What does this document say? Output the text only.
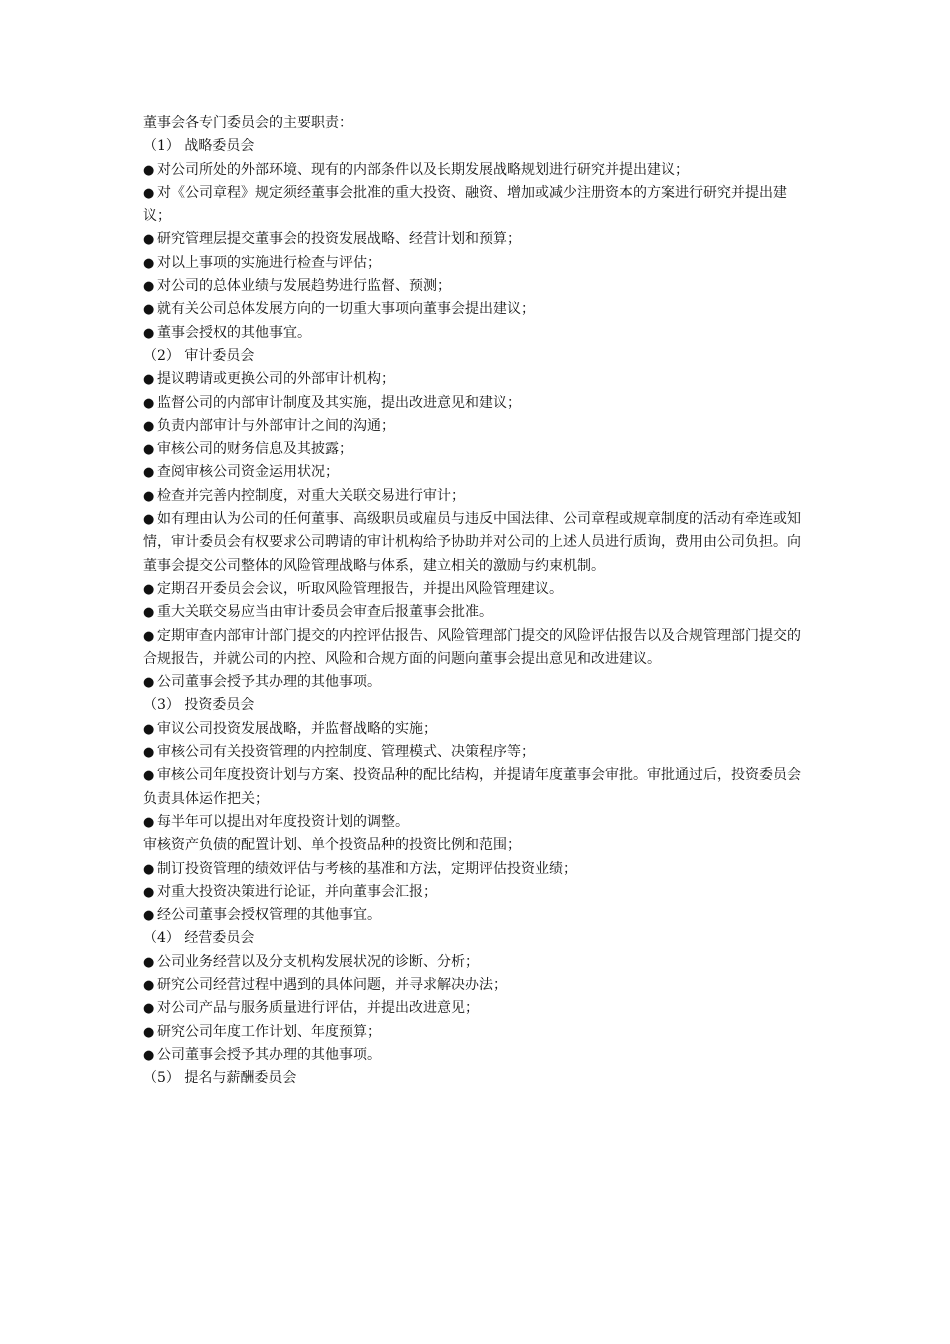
董事会各专门委员会的主要职责：

（1） 战略委员会

● 对公司所处的外部环境、现有的内部条件以及长期发展战略规划进行研究并提出建议；

● 对《公司章程》规定须经董事会批准的重大投资、融资、增加或减少注册资本的方案进行研究并提出建议；

● 研究管理层提交董事会的投资发展战略、经营计划和预算；

● 对以上事项的实施进行检查与评估；

● 对公司的总体业绩与发展趋势进行监督、预测；

● 就有关公司总体发展方向的一切重大事项向董事会提出建议；

● 董事会授权的其他事宜。

（2） 审计委员会

● 提议聘请或更换公司的外部审计机构；

● 监督公司的内部审计制度及其实施，提出改进意见和建议；

● 负责内部审计与外部审计之间的沟通；

● 审核公司的财务信息及其披露；

● 查阅审核公司资金运用状况；

● 检查并完善内控制度，对重大关联交易进行审计；

● 如有理由认为公司的任何董事、高级职员或雇员与违反中国法律、公司章程或规章制度的活动有牵连或知情，审计委员会有权要求公司聘请的审计机构给予协助并对公司的上述人员进行质询，费用由公司负担。向董事会提交公司整体的风险管理战略与体系，建立相关的激励与约束机制。

● 定期召开委员会会议，听取风险管理报告，并提出风险管理建议。

● 重大关联交易应当由审计委员会审查后报董事会批准。

● 定期审查内部审计部门提交的内控评估报告、风险管理部门提交的风险评估报告以及合规管理部门提交的合规报告，并就公司的内控、风险和合规方面的问题向董事会提出意见和改进建议。

● 公司董事会授予其办理的其他事项。

（3） 投资委员会

● 审议公司投资发展战略，并监督战略的实施；

● 审核公司有关投资管理的内控制度、管理模式、决策程序等；

● 审核公司年度投资计划与方案、投资品种的配比结构，并提请年度董事会审批。审批通过后，投资委员会负责具体运作把关；

● 每半年可以提出对年度投资计划的调整。

审核资产负债的配置计划、单个投资品种的投资比例和范围；

● 制订投资管理的绩效评估与考核的基准和方法，定期评估投资业绩；

● 对重大投资决策进行论证，并向董事会汇报；

● 经公司董事会授权管理的其他事宜。

（4） 经营委员会

● 公司业务经营以及分支机构发展状况的诊断、分析；

● 研究公司经营过程中遇到的具体问题，并寻求解决办法；

● 对公司产品与服务质量进行评估，并提出改进意见；

● 研究公司年度工作计划、年度预算；

● 公司董事会授予其办理的其他事项。

（5） 提名与薪酬委员会
